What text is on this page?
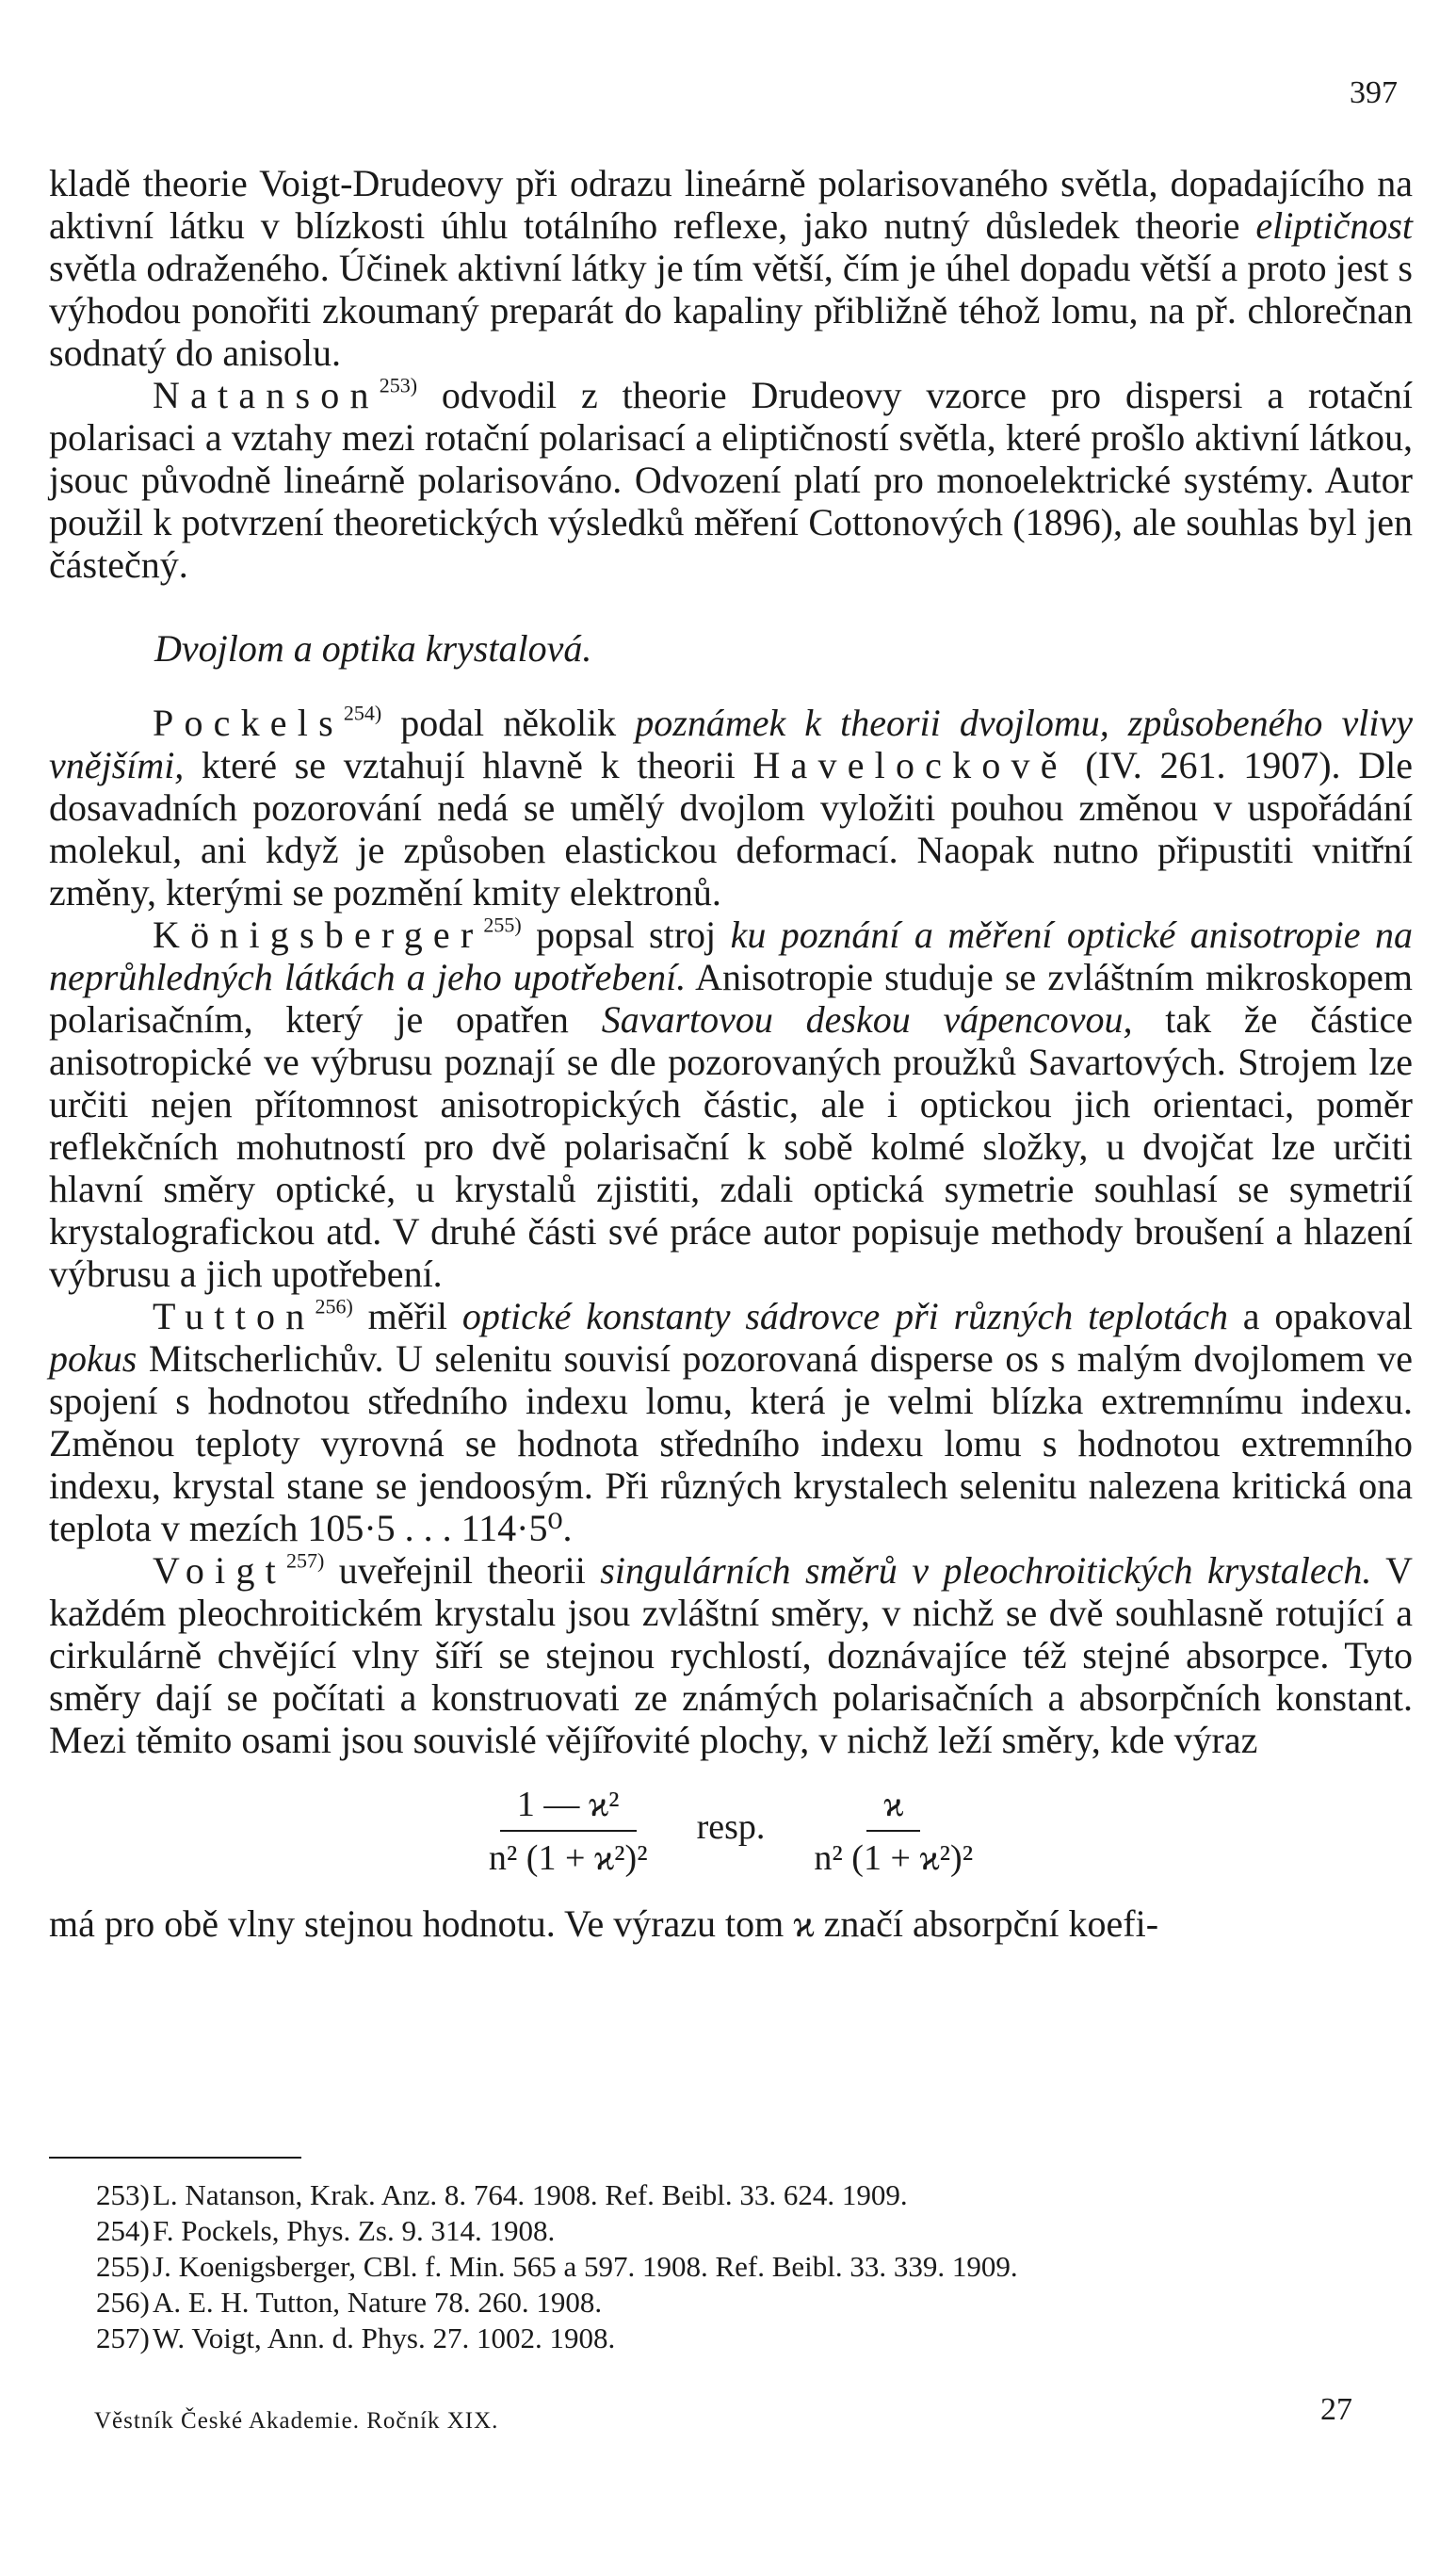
397

kladě theorie Voigt-Drudeovy při odrazu lineárně polarisovaného světla, dopadajícího na aktivní látku v blízkosti úhlu totálního reflexe, jako nutný důsledek theorie eliptičnost světla odraženého. Účinek aktivní látky je tím větší, čím je úhel dopadu větší a proto jest s výhodou ponořiti zkoumaný preparát do kapaliny přibližně téhož lomu, na př. chlorečnan sodnatý do anisolu.

Natanson$^{253)}$ odvodil z theorie Drudeovy vzorce pro dispersi a rotační polarisaci a vztahy mezi rotační polarisací a eliptičností světla, které prošlo aktivní látkou, jsouc původně lineárně polarisováno. Odvození platí pro monoelektrické systémy. Autor použil k potvrzení theoretických výsledků měření Cottonových (1896), ale souhlas byl jen částečný.

Dvojlom a optika krystalová.

Pockels$^{254)}$ podal několik poznámek k theorii dvojlomu, způsobeného vlivy vnějšími, které se vztahují hlavně k theorii Havelockově (IV. 261. 1907). Dle dosavadních pozorování nedá se umělý dvojlom vyložiti pouhou změnou v uspořádání molekul, ani když je způsoben elastickou deformací. Naopak nutno připustiti vnitřní změny, kterými se pozmění kmity elektronů.

Königsberger$^{255)}$ popsal stroj ku poznání a měření optické anisotropie na neprůhledných látkách a jeho upotřebení. Anisotropie studuje se zvláštním mikroskopem polarisačním, který je opatřen Savartovou deskou vápencovou, tak že částice anisotropické ve výbrusu poznají se dle pozorovaných proužků Savartových. Strojem lze určiti nejen přítomnost anisotropických částic, ale i optickou jich orientaci, poměr reflekčních mohutností pro dvě polarisační k sobě kolmé složky, u dvojčat lze určiti hlavní směry optické, u krystalů zjistiti, zdali optická symetrie souhlasí se symetrií krystalografickou atd. V druhé části své práce autor popisuje methody broušení a hlazení výbrusu a jich upotřebení.

Tutton$^{256)}$ měřil optické konstanty sádrovce při různých teplotách a opakoval pokus Mitscherlichův. U selenitu souvisí pozorovaná disperse os s malým dvojlomem ve spojení s hodnotou středního indexu lomu, která je velmi blízka extremnímu indexu. Změnou teploty vyrovná se hodnota středního indexu lomu s hodnotou extremního indexu, krystal stane se jendoosým. Při různých krystalech selenitu nalezena kritická ona teplota v mezích 105·5 . . . 114·5⁰.

Voigt$^{257)}$ uveřejnil theorii singulárních směrů v pleochroitických krystalech. V každém pleochroitickém krystalu jsou zvláštní směry, v nichž se dvě souhlasně rotující a cirkulárně chvějící vlny šíří se stejnou rychlostí, doznávajíce též stejné absorpce. Tyto směry dají se počítati a konstruovati ze známých polarisačních a absorpčních konstant. Mezi těmito osami jsou souvislé vějířovité plochy, v nichž leží směry, kde výraz

$\frac{\text{1 — ϰ²}}{\text{n² (1 + ϰ²)²}}$ resp. $\frac{ϰ}{\text{n² (1 + ϰ²)²}}$

má pro obě vlny stejnou hodnotu. Ve výrazu tom ϰ značí absorpční koefi-

253) L. Natanson, Krak. Anz. 8. 764. 1908. Ref. Beibl. 33. 624. 1909.

254) F. Pockels, Phys. Zs. 9. 314. 1908.

255) J. Koenigsberger, CBl. f. Min. 565 a 597. 1908. Ref. Beibl. 33. 339. 1909.

256) A. E. H. Tutton, Nature 78. 260. 1908.

257) W. Voigt, Ann. d. Phys. 27. 1002. 1908.

Věstník České Akademie. Ročník XIX.	27
